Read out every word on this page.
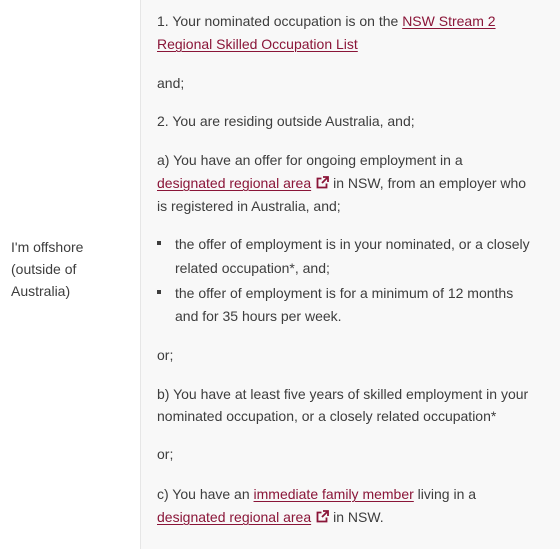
I'm offshore
(outside of
Australia)
1. Your nominated occupation is on the NSW Stream 2
Regional Skilled Occupation List
and;
2. You are residing outside Australia, and;
a) You have an offer for ongoing employment in a
designated regional area in NSW, from an employer who
is registered in Australia, and;
the offer of employment is in your nominated, or a closely
related occupation*, and;
the offer of employment is for a minimum of 12 months
and for 35 hours per week.
or;
b) You have at least five years of skilled employment in your
nominated occupation, or a closely related occupation*
or;
c) You have an immediate family member living in a
designated regional area in NSW.
